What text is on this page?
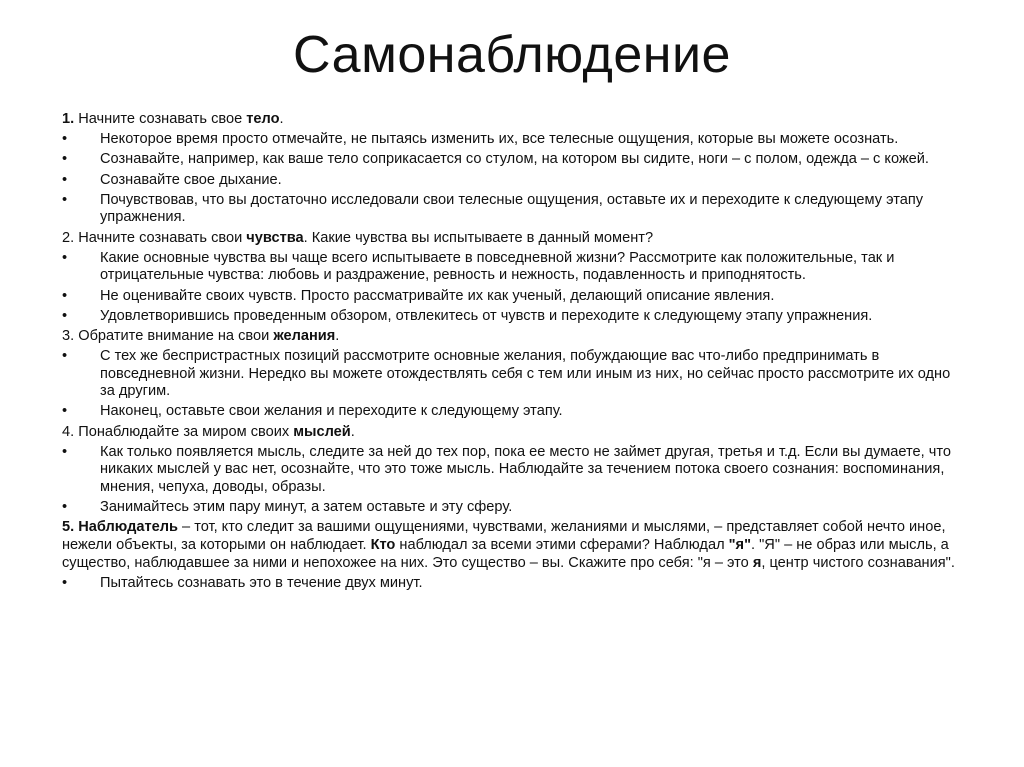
Самонаблюдение
1. Начните сознавать свое тело.
• Некоторое время просто отмечайте, не пытаясь изменить их, все телесные ощущения, которые вы можете осознать.
• Сознавайте, например, как ваше тело соприкасается со стулом, на котором вы сидите, ноги – с полом, одежда – с кожей.
• Сознавайте свое дыхание.
• Почувствовав, что вы достаточно исследовали свои телесные ощущения, оставьте их и переходите к следующему этапу упражнения.
2. Начните сознавать свои чувства. Какие чувства вы испытываете в данный момент?
• Какие основные чувства вы чаще всего испытываете в повседневной жизни? Рассмотрите как положительные, так и отрицательные чувства: любовь и раздражение, ревность и нежность, подавленность и приподнятость.
• Не оценивайте своих чувств. Просто рассматривайте их как ученый, делающий описание явления.
• Удовлетворившись проведенным обзором, отвлекитесь от чувств и переходите к следующему этапу упражнения.
3. Обратите внимание на свои желания.
• С тех же беспристрастных позиций рассмотрите основные желания, побуждающие вас что-либо предпринимать в повседневной жизни. Нередко вы можете отождествлять себя с тем или иным из них, но сейчас просто рассмотрите их одно за другим.
• Наконец, оставьте свои желания и переходите к следующему этапу.
4. Понаблюдайте за миром своих мыслей.
• Как только появляется мысль, следите за ней до тех пор, пока ее место не займет другая, третья и т.д. Если вы думаете, что никаких мыслей у вас нет, осознайте, что это тоже мысль. Наблюдайте за течением потока своего сознания: воспоминания, мнения, чепуха, доводы, образы.
• Занимайтесь этим пару минут, а затем оставьте и эту сферу.
5. Наблюдатель – тот, кто следит за вашими ощущениями, чувствами, желаниями и мыслями, – представляет собой нечто иное, нежели объекты, за которыми он наблюдает. Кто наблюдал за всеми этими сферами? Наблюдал "я". "Я" – не образ или мысль, а существо, наблюдавшее за ними и непохожее на них. Это существо – вы. Скажите про себя: "я – это я, центр чистого сознавания".
• Пытайтесь сознавать это в течение двух минут.
